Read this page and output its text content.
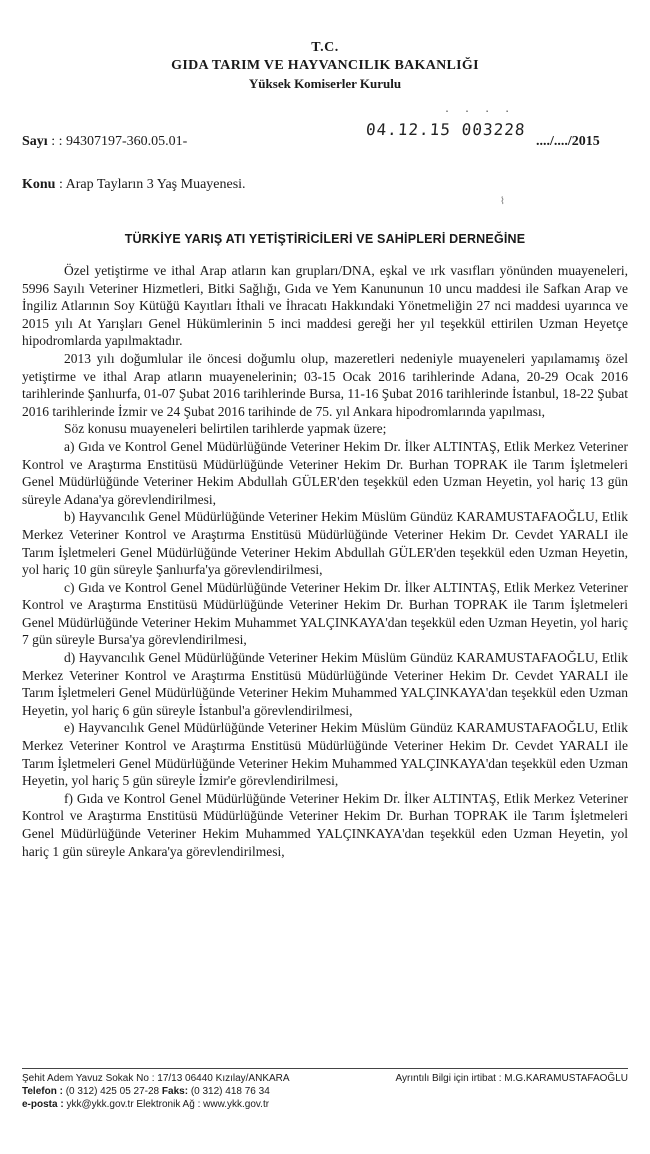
T.C.
GIDA TARIM VE HAYVANCILIK BAKANLIĞI
Yüksek Komiserler Kurulu
Sayı : : 94307197-360.05.01-
. . . .
04.12.15 003228
..../..../2015
Konu : Arap Tayların 3 Yaş Muayenesi.
⌇
TÜRKİYE YARIŞ ATI YETİŞTİRİCİLERİ VE SAHİPLERİ DERNEĞİNE

Özel yetiştirme ve ithal Arap atların kan grupları/DNA, eşkal ve ırk vasıfları yönünden muayeneleri, 5996 Sayılı Veteriner Hizmetleri, Bitki Sağlığı, Gıda ve Yem Kanununun 10 uncu maddesi ile Safkan Arap ve İngiliz Atlarının Soy Kütüğü Kayıtları İthali ve İhracatı Hakkındaki Yönetmeliğin 27 nci maddesi uyarınca ve 2015 yılı At Yarışları Genel Hükümlerinin 5 inci maddesi gereği her yıl teşekkül ettirilen Uzman Heyetçe hipodromlarda yapılmaktadır.

2013 yılı doğumlular ile öncesi doğumlu olup, mazeretleri nedeniyle muayeneleri yapılamamış özel yetiştirme ve ithal Arap atların muayenelerinin; 03-15 Ocak 2016 tarihlerinde Adana, 20-29 Ocak 2016 tarihlerinde Şanlıurfa, 01-07 Şubat 2016 tarihlerinde Bursa, 11-16 Şubat 2016 tarihlerinde İstanbul, 18-22 Şubat 2016 tarihlerinde İzmir ve 24 Şubat 2016 tarihinde de 75. yıl Ankara hipodromlarında yapılması,

Söz konusu muayeneleri belirtilen tarihlerde yapmak üzere;

a) Gıda ve Kontrol Genel Müdürlüğünde Veteriner Hekim Dr. İlker ALTINTAŞ, Etlik Merkez Veteriner Kontrol ve Araştırma Enstitüsü Müdürlüğünde Veteriner Hekim Dr. Burhan TOPRAK ile Tarım İşletmeleri Genel Müdürlüğünde Veteriner Hekim Abdullah GÜLER'den teşekkül eden Uzman Heyetin, yol hariç 13 gün süreyle Adana'ya görevlendirilmesi,

b) Hayvancılık Genel Müdürlüğünde Veteriner Hekim Müslüm Gündüz KARAMUSTAFAOĞLU, Etlik Merkez Veteriner Kontrol ve Araştırma Enstitüsü Müdürlüğünde Veteriner Hekim Dr. Cevdet YARALI ile Tarım İşletmeleri Genel Müdürlüğünde Veteriner Hekim Abdullah GÜLER'den teşekkül eden Uzman Heyetin, yol hariç 10 gün süreyle Şanlıurfa'ya görevlendirilmesi,

c) Gıda ve Kontrol Genel Müdürlüğünde Veteriner Hekim Dr. İlker ALTINTAŞ, Etlik Merkez Veteriner Kontrol ve Araştırma Enstitüsü Müdürlüğünde Veteriner Hekim Dr. Burhan TOPRAK ile Tarım İşletmeleri Genel Müdürlüğünde Veteriner Hekim Muhammet YALÇINKAYA'dan teşekkül eden Uzman Heyetin, yol hariç 7 gün süreyle Bursa'ya görevlendirilmesi,

d) Hayvancılık Genel Müdürlüğünde Veteriner Hekim Müslüm Gündüz KARAMUSTAFAOĞLU, Etlik Merkez Veteriner Kontrol ve Araştırma Enstitüsü Müdürlüğünde Veteriner Hekim Dr. Cevdet YARALI ile Tarım İşletmeleri Genel Müdürlüğünde Veteriner Hekim Muhammed YALÇINKAYA'dan teşekkül eden Uzman Heyetin, yol hariç 6 gün süreyle İstanbul'a görevlendirilmesi,

e) Hayvancılık Genel Müdürlüğünde Veteriner Hekim Müslüm Gündüz KARAMUSTAFAOĞLU, Etlik Merkez Veteriner Kontrol ve Araştırma Enstitüsü Müdürlüğünde Veteriner Hekim Dr. Cevdet YARALI ile Tarım İşletmeleri Genel Müdürlüğünde Veteriner Hekim Muhammed YALÇINKAYA'dan teşekkül eden Uzman Heyetin, yol hariç 5 gün süreyle İzmir'e görevlendirilmesi,

f) Gıda ve Kontrol Genel Müdürlüğünde Veteriner Hekim Dr. İlker ALTINTAŞ, Etlik Merkez Veteriner Kontrol ve Araştırma Enstitüsü Müdürlüğünde Veteriner Hekim Dr. Burhan TOPRAK ile Tarım İşletmeleri Genel Müdürlüğünde Veteriner Hekim Muhammed YALÇINKAYA'dan teşekkül eden Uzman Heyetin, yol hariç 1 gün süreyle Ankara'ya görevlendirilmesi,

Şehit Adem Yavuz Sokak No : 17/13 06440 Kızılay/ANKARA	Ayrıntılı Bilgi için irtibat : M.G.KARAMUSTAFAOĞLU
Telefon : (0 312) 425 05 27-28 Faks: (0 312) 418 76 34
e-posta : ykk@ykk.gov.tr Elektronik Ağ : www.ykk.gov.tr
